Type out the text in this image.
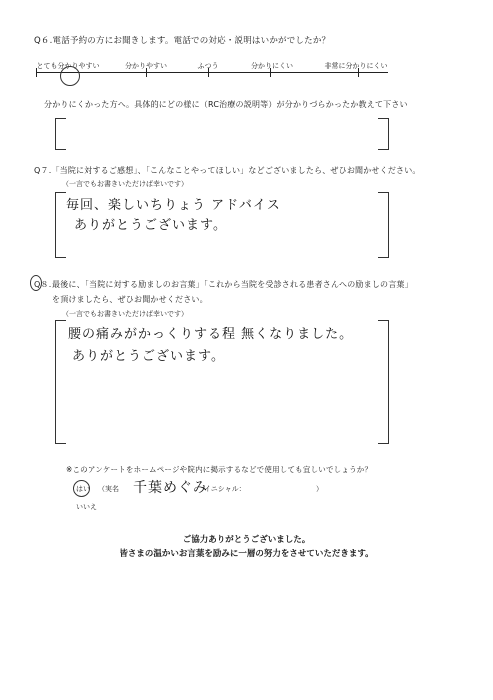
Q６.電話予約の方にお聞きします。電話での対応・説明はいかがでしたか？
とても分かりやすい	分かりやすい	ふつう	分かりにくい	非常に分かりにくい
分かりにくかった方へ。具体的にどの様に（RC治療の説明等）が分かりづらかったか教えて下さい
Q７.「当院に対するご感想」、「こんなことやってほしい」などございましたら、ぜひお聞かせください。
（一言でもお書きいただけば幸いです）
毎回、楽しいちりょう アドバイス
ありがとうございます。
Q８. 最後に、「当院に対する励ましのお言葉」「これから当院を受診される患者さんへの励ましの言葉」
を頂けましたら、ぜひお聞かせください。
（一言でもお書きいただけば幸いです）
腰の痛みがかっくりする程 無くなりました。
ありがとうございます。
※このアンケートをホームページや院内に掲示するなどで使用しても宜しいでしょうか？
はい （実名 千葉めぐみ
イニシャル：	）
いいえ
ご協力ありがとうございました。
皆さまの温かいお言葉を励みに一層の努力をさせていただきます。
